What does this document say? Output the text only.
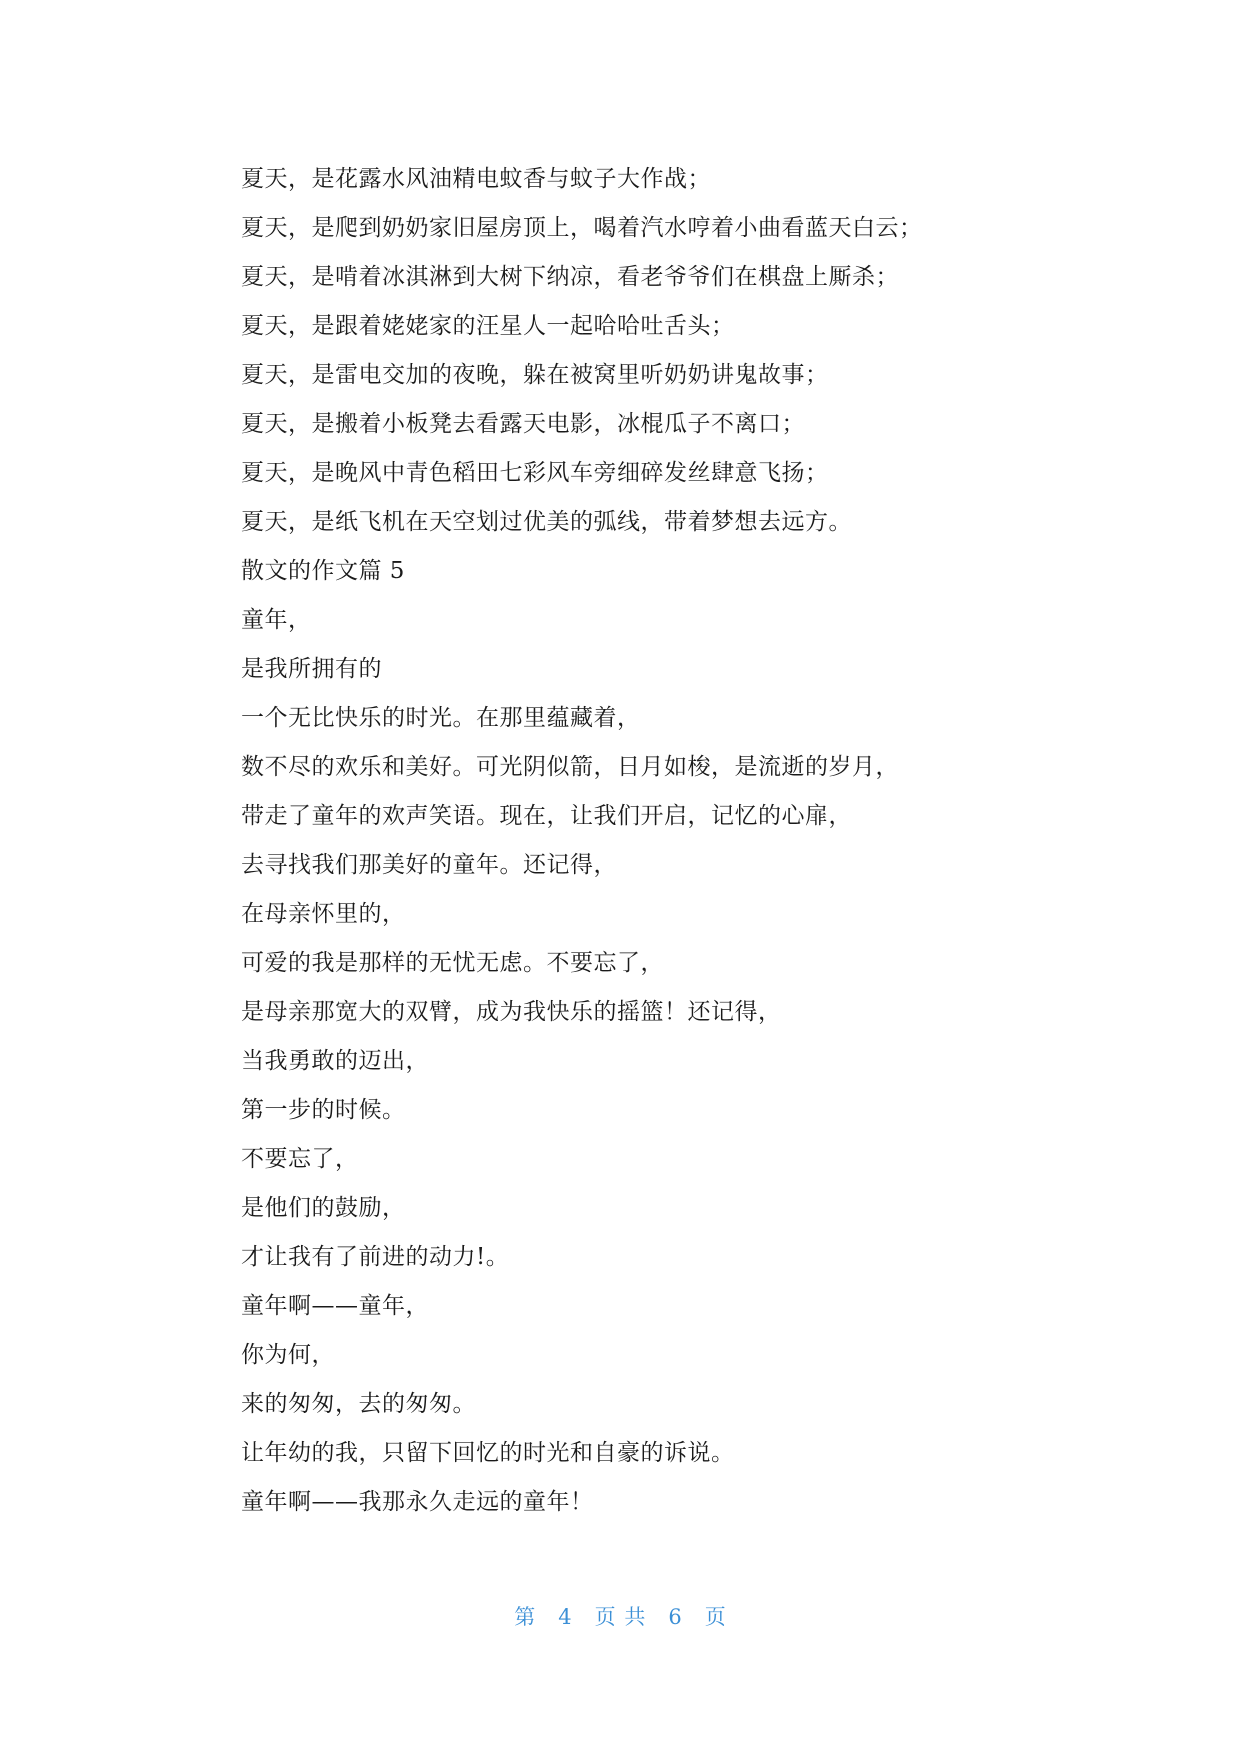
夏天，是花露水风油精电蚊香与蚊子大作战；
夏天，是爬到奶奶家旧屋房顶上，喝着汽水哼着小曲看蓝天白云；
夏天，是啃着冰淇淋到大树下纳凉，看老爷爷们在棋盘上厮杀；
夏天，是跟着姥姥家的汪星人一起哈哈吐舌头；
夏天，是雷电交加的夜晚，躲在被窝里听奶奶讲鬼故事；
夏天，是搬着小板凳去看露天电影，冰棍瓜子不离口；
夏天，是晚风中青色稻田七彩风车旁细碎发丝肆意飞扬；
夏天，是纸飞机在天空划过优美的弧线，带着梦想去远方。
散文的作文篇 5
童年，
是我所拥有的
一个无比快乐的时光。在那里蕴藏着，
数不尽的欢乐和美好。可光阴似箭，日月如梭，是流逝的岁月，
带走了童年的欢声笑语。现在，让我们开启，记忆的心扉，
去寻找我们那美好的童年。还记得，
在母亲怀里的，
可爱的我是那样的无忧无虑。不要忘了，
是母亲那宽大的双臂，成为我快乐的摇篮！还记得，
当我勇敢的迈出，
第一步的时候。
不要忘了，
是他们的鼓励，
才让我有了前进的动力!。
童年啊——童年，
你为何，
来的匆匆，去的匆匆。
让年幼的我，只留下回忆的时光和自豪的诉说。
童年啊——我那永久走远的童年！
第 4 页 共 6 页
